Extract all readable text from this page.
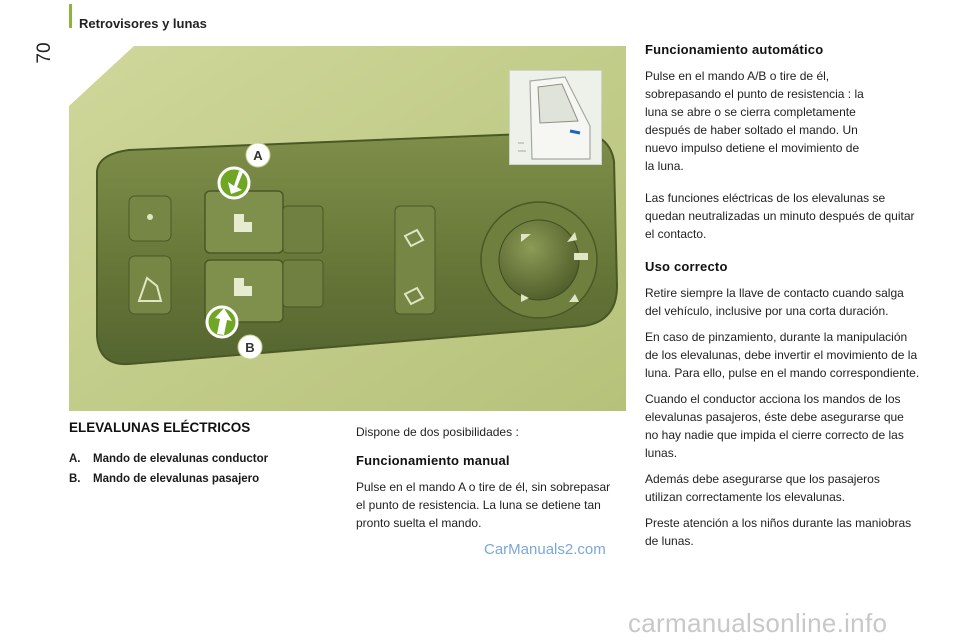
70
Retrovisores y lunas
A
B
ELEVALUNAS ELÉCTRICOS
A.	Mando de elevalunas conductor
B.	Mando de elevalunas pasajero

Dispone de dos posibilidades :

Funcionamiento manual

Pulse en el mando A o tire de él, sin sobrepasar el punto de resistencia. La luna se detiene tan pronto suelta el mando.

Funcionamiento automático

Pulse en el mando A/B o tire de él, sobrepasando el punto de resistencia : la luna se abre o se cierra completamente después de haber soltado el mando. Un nuevo impulso detiene el movimiento de la luna.

Las funciones eléctricas de los elevalunas se quedan neutralizadas un minuto después de quitar el contacto.

Uso correcto

Retire siempre la llave de contacto cuando salga del vehículo, inclusive por una corta duración.

En caso de pinzamiento, durante la manipulación de los elevalunas, debe invertir el movimiento de la luna. Para ello, pulse en el mando correspondiente.

Cuando el conductor acciona los mandos de los elevalunas pasajeros, éste debe asegurarse que no hay nadie que impida el cierre correcto de las lunas.

Además debe asegurarse que los pasajeros utilizan correctamente los elevalunas.

Preste atención a los niños durante las maniobras de lunas.

CarManuals2.com
carmanualsonline.info
